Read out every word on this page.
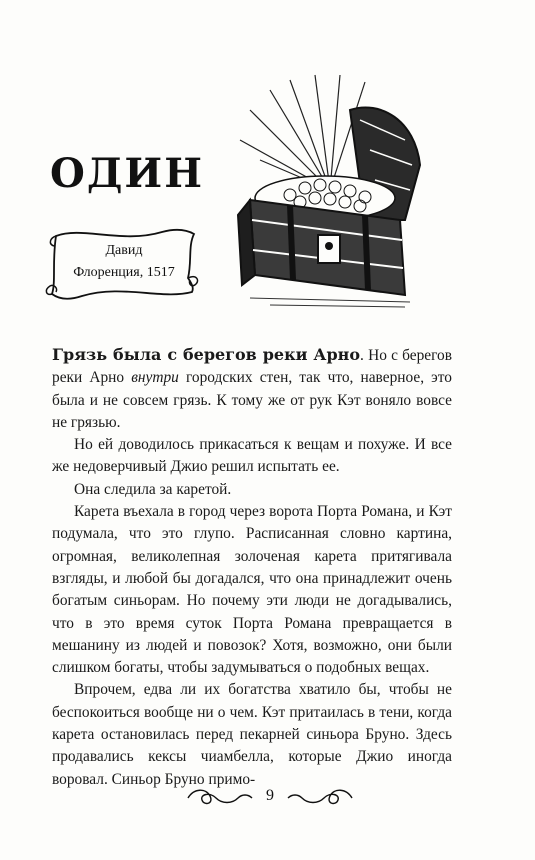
ОДИН
Давид
Флоренция, 1517

Грязь была с берегов реки Арно. Но с берегов реки Арно внутри городских стен, так что, наверное, это была и не совсем грязь. К тому же от рук Кэт воняло вовсе не грязью.

Но ей доводилось прикасаться к вещам и похуже. И все же недоверчивый Джио решил испытать ее.

Она следила за каретой.

Карета въехала в город через ворота Порта Романа, и Кэт подумала, что это глупо. Расписанная словно картина, огромная, великолепная золоченая карета притягивала взгляды, и любой бы догадался, что она принадлежит очень богатым синьорам. Но почему эти люди не догадывались, что в это время суток Порта Романа превращается в мешанину из людей и повозок? Хотя, возможно, они были слишком богаты, чтобы задумываться о подобных вещах.

Впрочем, едва ли их богатства хватило бы, чтобы не беспокоиться вообще ни о чем. Кэт притаилась в тени, когда карета остановилась перед пекарней синьора Бруно. Здесь продавались кексы чиамбелла, которые Джио иногда воровал. Синьор Бруно примо-

9
